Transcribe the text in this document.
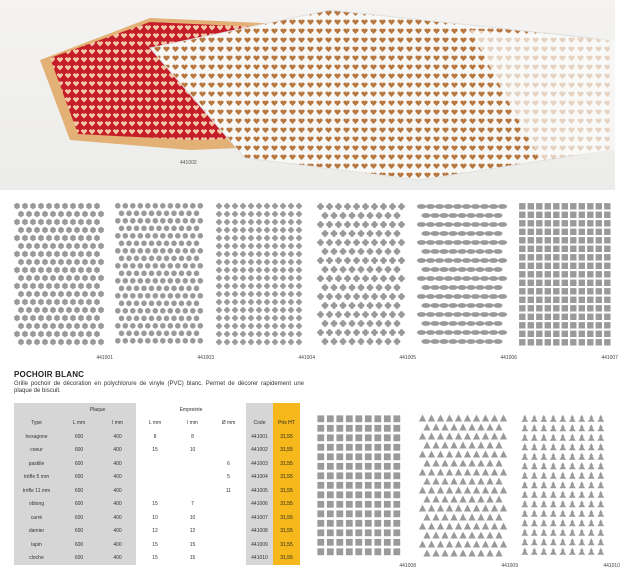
441002
441001	441003	441004	441005	441006	441007
POCHOIR BLANC
Grille pochoir de décoration en polychlorure de vinyle (PVC) blanc. Permet de décorer rapidement une plaque de biscuit.
	Plaque		Empreinte				
Type	L mm	l mm	L mm	l mm	Ø mm	Code	Prix HT
hexagone	600	400	8	8		441001	31,55
coeur	600	400	15	10		441002	31,55
pastille	600	400			6	441003	31,55
trèfle 5 mm	600	400			5	441004	31,55
trèfle 11 mm	600	400			11	441005	31,55
oblong	600	400	15	7		441006	31,55
carré	600	400	10	10		441007	31,55
damier	600	400	12	12		441008	31,55
lapin	600	400	15	15		441009	31,55
cloche	600	400	15	15		441010	31,55
441008	441009	441010
